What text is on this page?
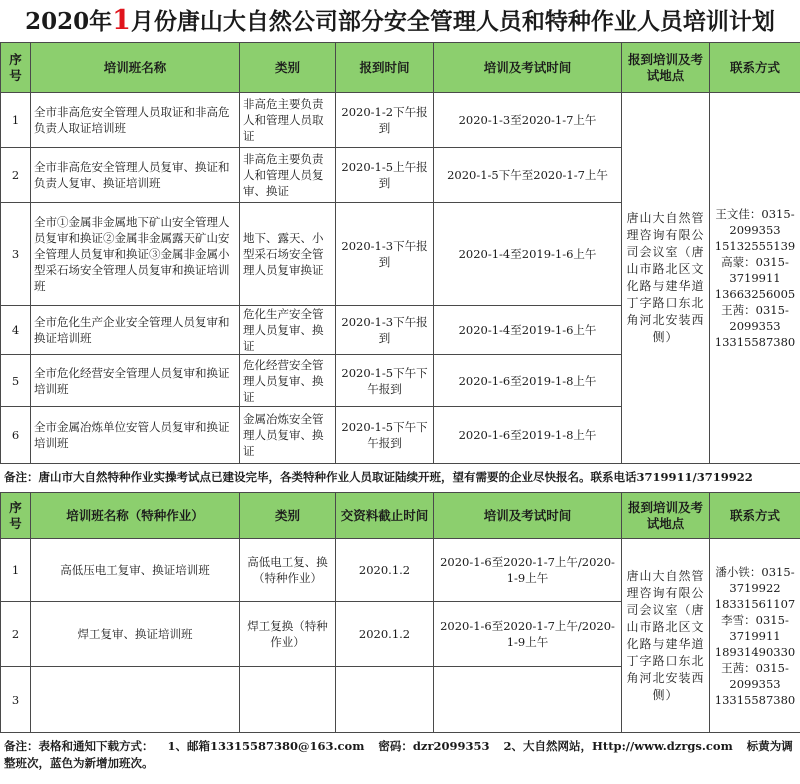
2020年1月份唐山大自然公司部分安全管理人员和特种作业人员培训计划
序号	培训班名称	类别	报到时间	培训及考试时间	报到培训及考试地点	联系方式
1	全市非高危安全管理人员取证和非高危负责人取证培训班	非高危主要负责人和管理人员取证	2020-1-2下午报到	2020-1-3至2020-1-7上午	唐山大自然管理咨询有限公司会议室（唐山市路北区文化路与建华道丁字路口东北角河北安装西侧）	王文佳：0315-2099353 15132555139 高蒙：0315-3719911 13663256005 王茜：0315-2099353 13315587380
2	全市非高危安全管理人员复审、换证和负责人复审、换证培训班	非高危主要负责人和管理人员复审、换证	2020-1-5上午报到	2020-1-5下午至2020-1-7上午		
3	全市①金属非金属地下矿山安全管理人员复审和换证②金属非金属露天矿山安全管理人员复审和换证③金属非金属小型采石场安全管理人员复审和换证培训班	地下、露天、小型采石场安全管理人员复审换证	2020-1-3下午报到	2020-1-4至2019-1-6上午		
4	全市危化生产企业安全管理人员复审和换证培训班	危化生产安全管理人员复审、换证	2020-1-3下午报到	2020-1-4至2019-1-6上午		
5	全市危化经营安全管理人员复审和换证培训班	危化经营安全管理人员复审、换证	2020-1-5下午下午报到	2020-1-6至2019-1-8上午		
6	全市金属冶炼单位安管人员复审和换证培训班	金属冶炼安全管理人员复审、换证	2020-1-5下午下午报到	2020-1-6至2019-1-8上午		
备注：唐山市大自然特种作业实操考试点已建设完毕，各类特种作业人员取证陆续开班，望有需要的企业尽快报名。联系电话3719911/3719922
序号	培训班名称（特种作业）	类别	交资料截止时间	培训及考试时间	报到培训及考试地点	联系方式
1	高低压电工复审、换证培训班	高低电工复、换（特种作业）	2020.1.2	2020-1-6至2020-1-7上午/2020-1-9上午	唐山大自然管理咨询有限公司会议室（唐山市路北区文化路与建华道丁字路口东北角河北安装西侧）	潘小铁：0315-3719922 18331561107 李雪：0315-3719911 18931490330 王茜：0315-2099353 13315587380
2	焊工复审、换证培训班	焊工复换（特种作业）	2020.1.2	2020-1-6至2020-1-7上午/2020-1-9上午		
3						
备注：表格和通知下载方式： 1、邮箱13315587380@163.com 密码：dzr2099353 2、大自然网站，Http://www.dzrgs.com 标黄为调整班次，蓝色为新增加班次。
